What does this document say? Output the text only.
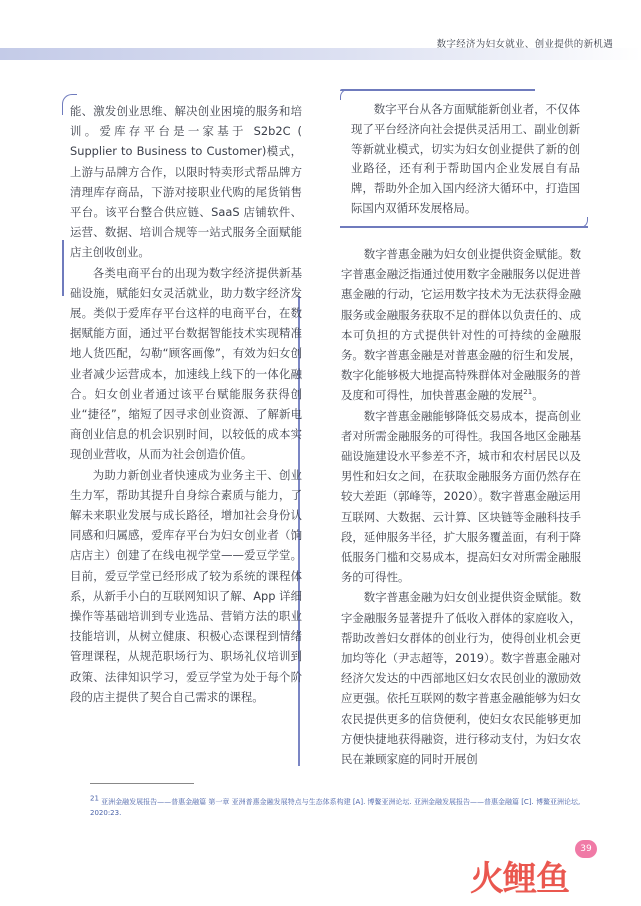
数字经济为妇女就业、创业提供的新机遇

能、激发创业思维、解决创业困境的服务和培训。爱库存平台是一家基于 S2b2C ( Supplier to Business to Customer)模式，上游与品牌方合作，以限时特卖形式帮品牌方清理库存商品，下游对接职业代购的尾货销售平台。该平台整合供应链、SaaS 店铺软件、运营、数据、培训合规等一站式服务全面赋能店主创收创业。

各类电商平台的出现为数字经济提供新基础设施，赋能妇女灵活就业，助力数字经济发展。类似于爱库存平台这样的电商平台，在数据赋能方面，通过平台数据智能技术实现精准地人货匹配，勾勒“顾客画像”，有效为妇女创业者减少运营成本，加速线上线下的一体化融合。妇女创业者通过该平台赋能服务获得创业“捷径”，缩短了因寻求创业资源、了解新电商创业信息的机会识别时间，以较低的成本实现创业营收，从而为社会创造价值。

为助力新创业者快速成为业务主干、创业生力军，帮助其提升自身综合素质与能力，了解未来职业发展与成长路径，增加社会身份认同感和归属感，爱库存平台为妇女创业者（饷店店主）创建了在线电视学堂——爱豆学堂。目前，爱豆学堂已经形成了较为系统的课程体系，从新手小白的互联网知识了解、App 详细操作等基础培训到专业选品、营销方法的职业技能培训，从树立健康、积极心态课程到情绪管理课程，从规范职场行为、职场礼仪培训到政策、法律知识学习，爱豆学堂为处于每个阶段的店主提供了契合自己需求的课程。

数字平台从各方面赋能新创业者，不仅体现了平台经济向社会提供灵活用工、副业创新等新就业模式，切实为妇女创业提供了新的创业路径，还有利于帮助国内企业发展自有品牌，帮助外企加入国内经济大循环中，打造国际国内双循环发展格局。

数字普惠金融为妇女创业提供资金赋能。数字普惠金融泛指通过使用数字金融服务以促进普惠金融的行动，它运用数字技术为无法获得金融服务或金融服务获取不足的群体以负责任的、成本可负担的方式提供针对性的可持续的金融服务。数字普惠金融是对普惠金融的衍生和发展，数字化能够极大地提高特殊群体对金融服务的普及度和可得性，加快普惠金融的发展$^{21}$。

数字普惠金融能够降低交易成本，提高创业者对所需金融服务的可得性。我国各地区金融基础设施建设水平参差不齐，城市和农村居民以及男性和妇女之间，在获取金融服务方面仍然存在较大差距（郭峰等，2020）。数字普惠金融运用互联网、大数据、云计算、区块链等金融科技手段，延伸服务半径，扩大服务覆盖面，有利于降低服务门槛和交易成本，提高妇女对所需金融服务的可得性。

数字普惠金融为妇女创业提供资金赋能。数字金融服务显著提升了低收入群体的家庭收入，帮助改善妇女群体的创业行为，使得创业机会更加均等化（尹志超等，2019）。数字普惠金融对经济欠发达的中西部地区妇女农民创业的激励效应更强。依托互联网的数字普惠金融能够为妇女农民提供更多的信贷便利，使妇女农民能够更加方便快捷地获得融资，进行移动支付，为妇女农民在兼顾家庭的同时开展创

$^{21}$ 亚洲金融发展报告——普惠金融篇 第一章 亚洲普惠金融发展特点与生态体系构建 [A]. 博鳌亚洲论坛. 亚洲金融发展报告——普惠金融篇 [C]. 博鳌亚洲论坛, 2020:23.
39
火鲤鱼
